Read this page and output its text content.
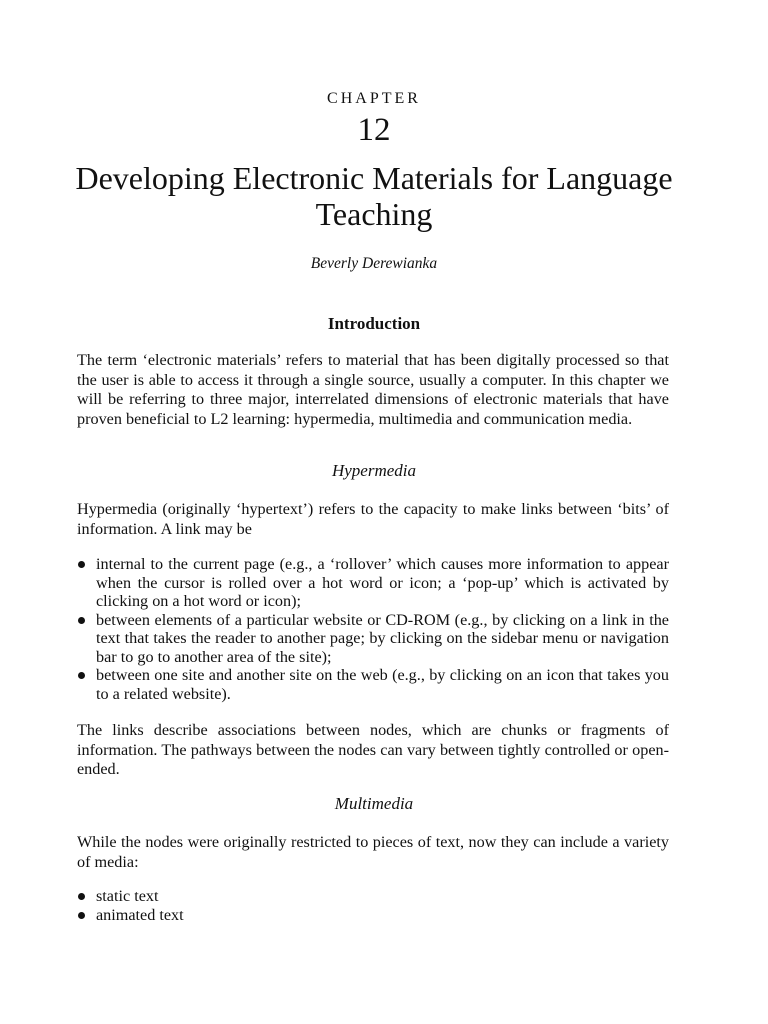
CHAPTER
12
Developing Electronic Materials for Language Teaching
Beverly Derewianka
Introduction

The term ‘electronic materials’ refers to material that has been digitally processed so that the user is able to access it through a single source, usually a computer. In this chapter we will be referring to three major, interrelated dimensions of electronic materials that have proven beneficial to L2 learning: hypermedia, multimedia and communication media.

Hypermedia

Hypermedia (originally ‘hypertext’) refers to the capacity to make links between ‘bits’ of information. A link may be

internal to the current page (e.g., a ‘rollover’ which causes more information to appear when the cursor is rolled over a hot word or icon; a ‘pop-up’ which is activated by clicking on a hot word or icon);
between elements of a particular website or CD-ROM (e.g., by clicking on a link in the text that takes the reader to another page; by clicking on the sidebar menu or navigation bar to go to another area of the site);
between one site and another site on the web (e.g., by clicking on an icon that takes you to a related website).

The links describe associations between nodes, which are chunks or fragments of information. The pathways between the nodes can vary between tightly controlled or open-ended.

Multimedia

While the nodes were originally restricted to pieces of text, now they can include a variety of media:

static text
animated text
